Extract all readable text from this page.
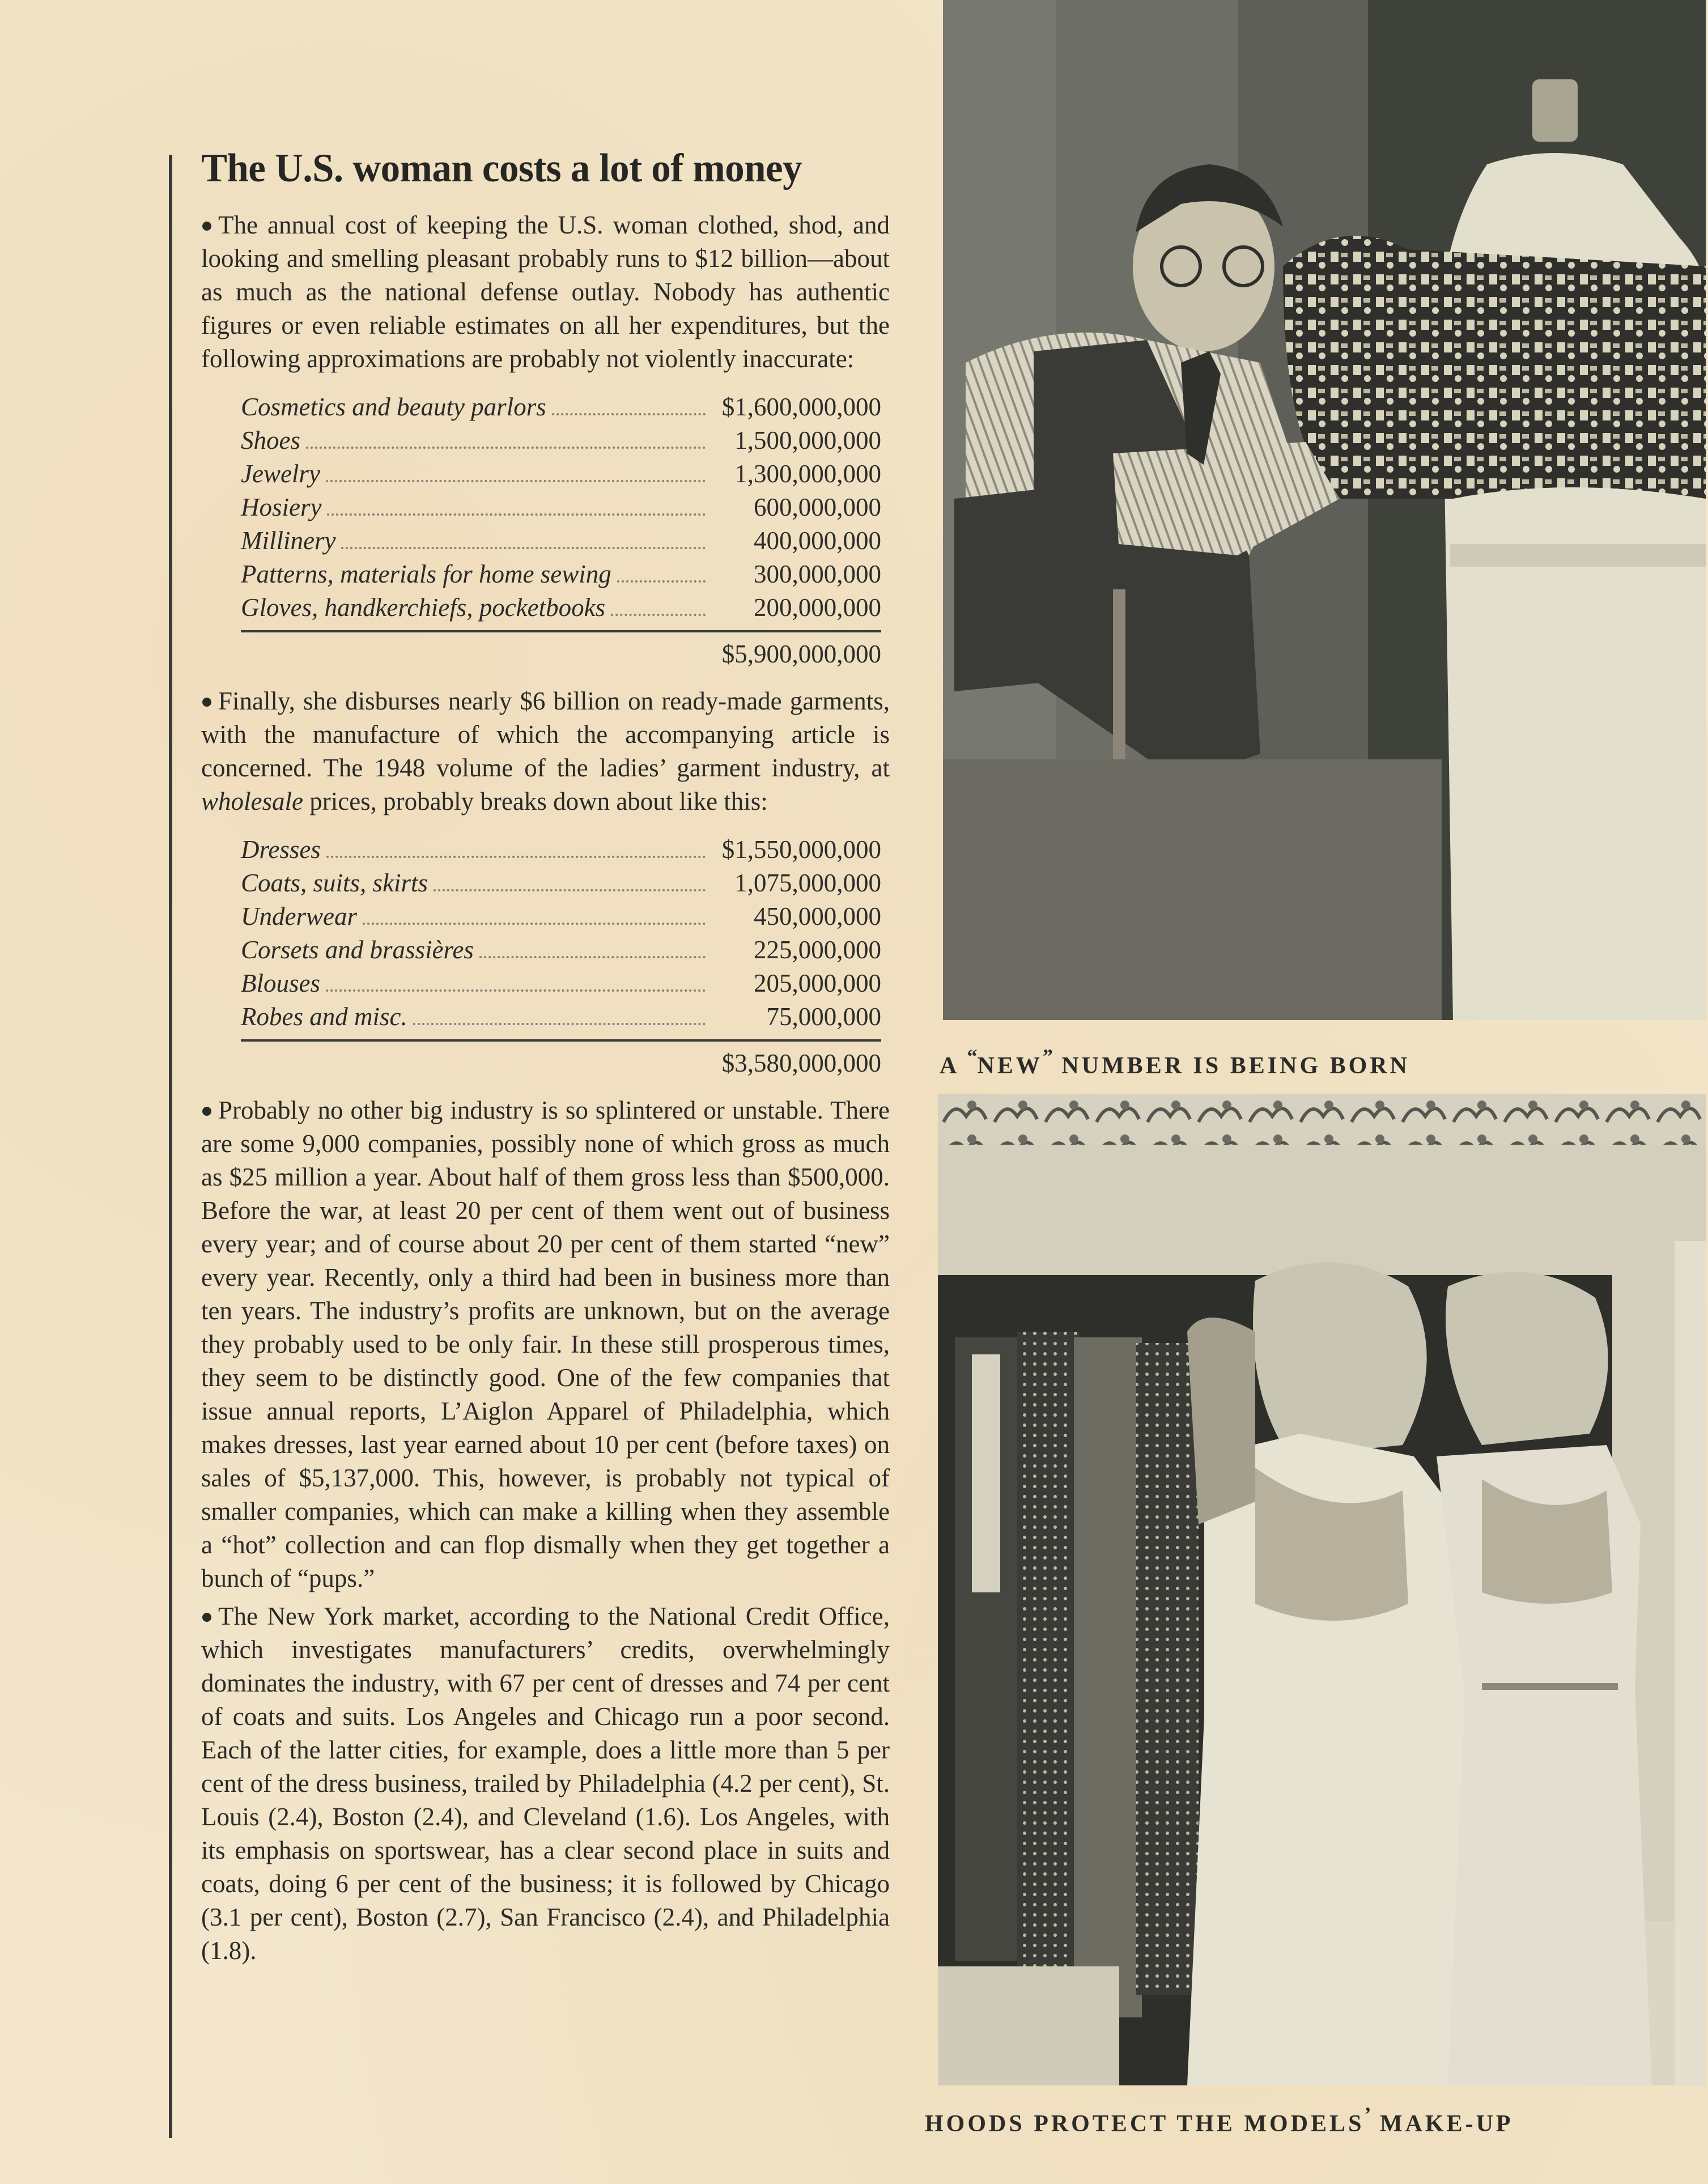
The U.S. woman costs a lot of money

The annual cost of keeping the U.S. woman clothed, shod, and looking and smelling pleasant probably runs to $12 billion—about as much as the national defense outlay. Nobody has authentic figures or even reliable estimates on all her expenditures, but the following approximations are probably not violently inaccurate:

Cosmetics and beauty parlors	$1,600,000,000
Shoes	1,500,000,000
Jewelry	1,300,000,000
Hosiery	600,000,000
Millinery	400,000,000
Patterns, materials for home sewing	300,000,000
Gloves, handkerchiefs, pocketbooks	200,000,000
$5,900,000,000

Finally, she disburses nearly $6 billion on ready-made garments, with the manufacture of which the accompanying article is concerned. The 1948 volume of the ladies’ garment industry, at wholesale prices, probably breaks down about like this:

Dresses	$1,550,000,000
Coats, suits, skirts	1,075,000,000
Underwear	450,000,000
Corsets and brassières	225,000,000
Blouses	205,000,000
Robes and misc.	75,000,000
$3,580,000,000

Probably no other big industry is so splintered or unstable. There are some 9,000 companies, possibly none of which gross as much as $25 million a year. About half of them gross less than $500,000. Before the war, at least 20 per cent of them went out of business every year; and of course about 20 per cent of them started “new” every year. Recently, only a third had been in business more than ten years. The industry’s profits are unknown, but on the average they probably used to be only fair. In these still prosperous times, they seem to be distinctly good. One of the few companies that issue annual reports, L’Aiglon Apparel of Philadelphia, which makes dresses, last year earned about 10 per cent (before taxes) on sales of $5,137,000. This, however, is probably not typical of smaller companies, which can make a killing when they assemble a “hot” collection and can flop dismally when they get together a bunch of “pups.”

The New York market, according to the National Credit Office, which investigates manufacturers’ credits, overwhelmingly dominates the industry, with 67 per cent of dresses and 74 per cent of coats and suits. Los Angeles and Chicago run a poor second. Each of the latter cities, for example, does a little more than 5 per cent of the dress business, trailed by Philadelphia (4.2 per cent), St. Louis (2.4), Boston (2.4), and Cleveland (1.6). Los Angeles, with its emphasis on sportswear, has a clear second place in suits and coats, doing 6 per cent of the business; it is followed by Chicago (3.1 per cent), Boston (2.7), San Francisco (2.4), and Philadelphia (1.8).

A “NEW” NUMBER IS BEING BORN
HOODS PROTECT THE MODELS’ MAKE-UP
